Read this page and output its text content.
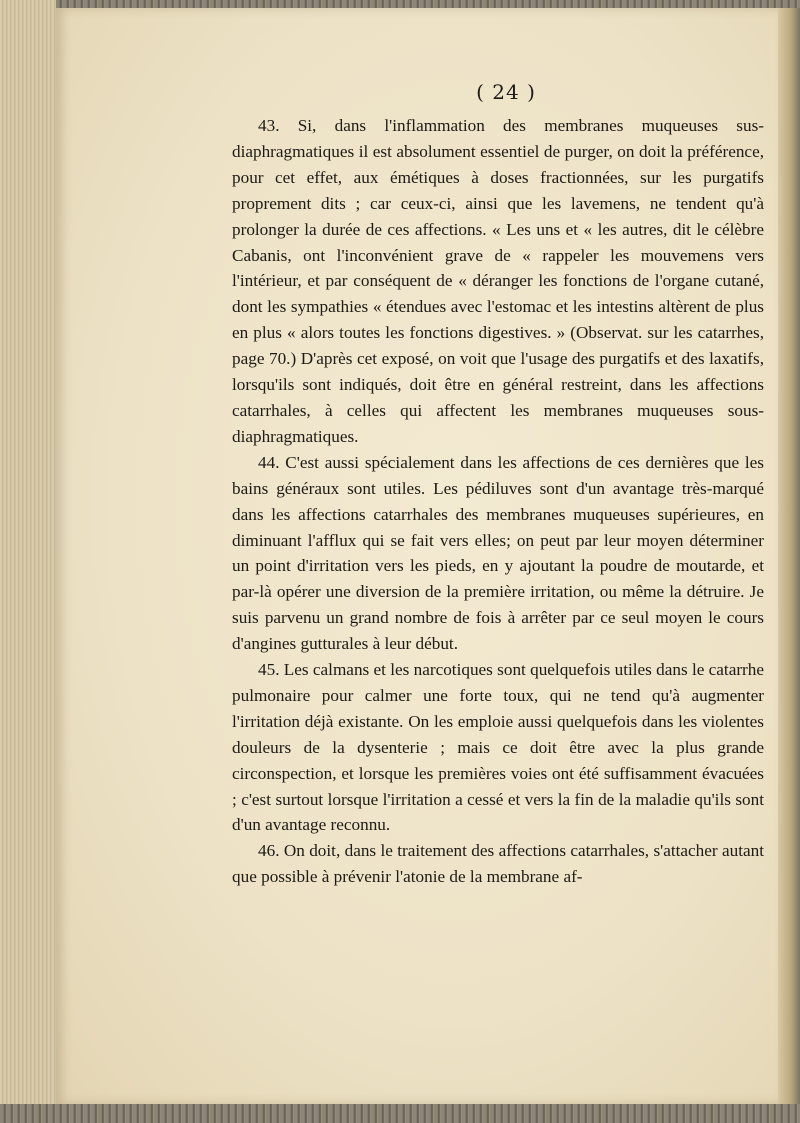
( 24 )

43. Si, dans l'inflammation des membranes muqueuses sus-diaphragmatiques il est absolument essentiel de purger, on doit la préférence, pour cet effet, aux émétiques à doses fractionnées, sur les purgatifs proprement dits ; car ceux-ci, ainsi que les lavemens, ne tendent qu'à prolonger la durée de ces affections. « Les uns et « les autres, dit le célèbre Cabanis, ont l'inconvénient grave de « rappeler les mouvemens vers l'intérieur, et par conséquent de « déranger les fonctions de l'organe cutané, dont les sympathies « étendues avec l'estomac et les intestins altèrent de plus en plus « alors toutes les fonctions digestives. » (Observat. sur les catarrhes, page 70.) D'après cet exposé, on voit que l'usage des purgatifs et des laxatifs, lorsqu'ils sont indiqués, doit être en général restreint, dans les affections catarrhales, à celles qui affectent les membranes muqueuses sous-diaphragmatiques.

44. C'est aussi spécialement dans les affections de ces dernières que les bains généraux sont utiles. Les pédiluves sont d'un avantage très-marqué dans les affections catarrhales des membranes muqueuses supérieures, en diminuant l'afflux qui se fait vers elles; on peut par leur moyen déterminer un point d'irritation vers les pieds, en y ajoutant la poudre de moutarde, et par-là opérer une diversion de la première irritation, ou même la détruire. Je suis parvenu un grand nombre de fois à arrêter par ce seul moyen le cours d'angines gutturales à leur début.

45. Les calmans et les narcotiques sont quelquefois utiles dans le catarrhe pulmonaire pour calmer une forte toux, qui ne tend qu'à augmenter l'irritation déjà existante. On les emploie aussi quelquefois dans les violentes douleurs de la dysenterie ; mais ce doit être avec la plus grande circonspection, et lorsque les premières voies ont été suffisamment évacuées ; c'est surtout lorsque l'irritation a cessé et vers la fin de la maladie qu'ils sont d'un avantage reconnu.

46. On doit, dans le traitement des affections catarrhales, s'attacher autant que possible à prévenir l'atonie de la membrane af-
